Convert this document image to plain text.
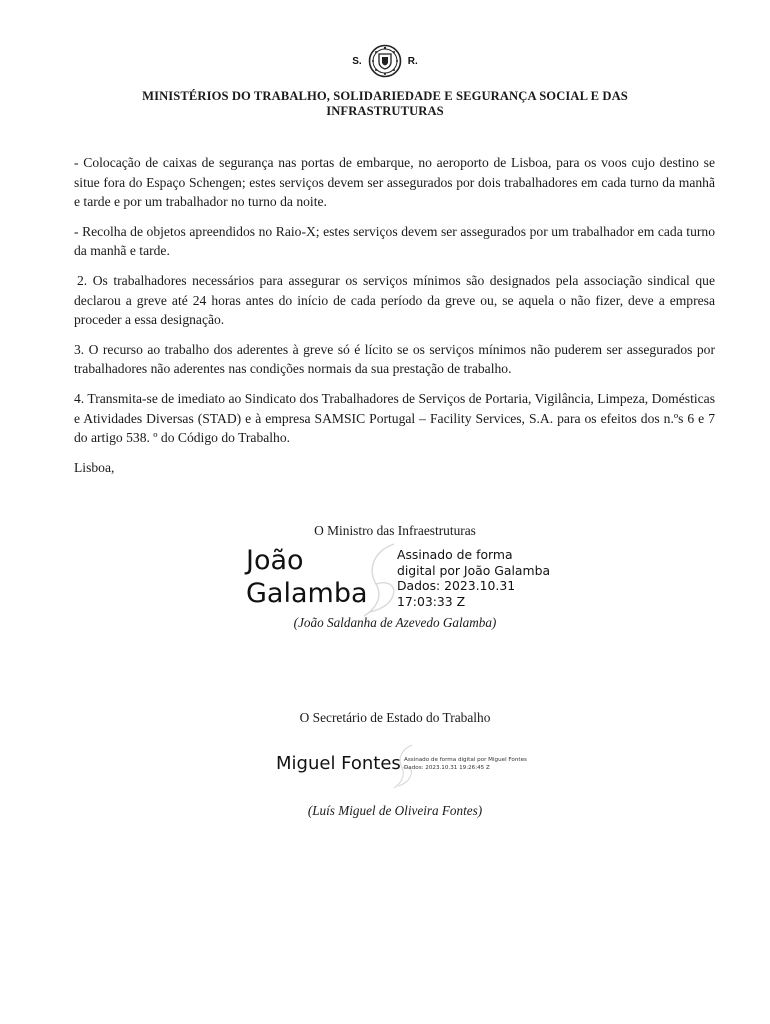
S.	R.
MINISTÉRIOS DO TRABALHO, SOLIDARIEDADE E SEGURANÇA SOCIAL E DAS
INFRASTRUTURAS

- Colocação de caixas de segurança nas portas de embarque, no aeroporto de Lisboa, para os voos cujo destino se situe fora do Espaço Schengen; estes serviços devem ser assegurados por dois trabalhadores em cada turno da manhã e tarde e por um trabalhador no turno da noite.

- Recolha de objetos apreendidos no Raio-X; estes serviços devem ser assegurados por um trabalhador em cada turno da manhã e tarde.

2. Os trabalhadores necessários para assegurar os serviços mínimos são designados pela associação sindical que declarou a greve até 24 horas antes do início de cada período da greve ou, se aquela o não fizer, deve a empresa proceder a essa designação.

3. O recurso ao trabalho dos aderentes à greve só é lícito se os serviços mínimos não puderem ser assegurados por trabalhadores não aderentes nas condições normais da sua prestação de trabalho.

4. Transmita-se de imediato ao Sindicato dos Trabalhadores de Serviços de Portaria, Vigilância, Limpeza, Domésticas e Atividades Diversas (STAD) e à empresa SAMSIC Portugal – Facility Services, S.A. para os efeitos dos n.ºs 6 e 7 do artigo 538. º do Código do Trabalho.

Lisboa,

O Ministro das Infraestruturas
João
Galamba
Assinado de forma
digital por João Galamba
Dados: 2023.10.31
17:03:33 Z
(João Saldanha de Azevedo Galamba)
O Secretário de Estado do Trabalho
Miguel Fontes Assinado de forma digital por Miguel Fontes
Dados: 2023.10.31 19:26:45 Z
(Luís Miguel de Oliveira Fontes)
